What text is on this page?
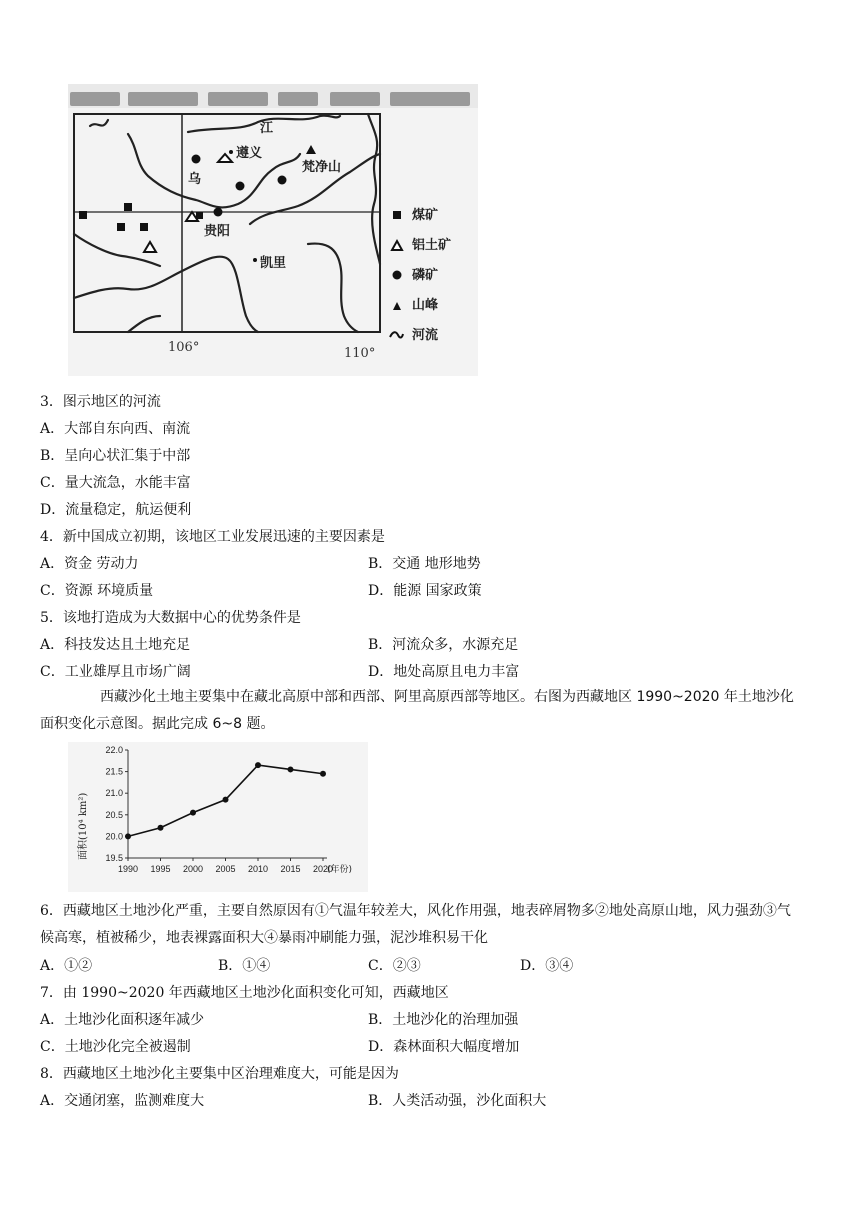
江
遵义
梵净山
乌
贵阳
凯里
煤矿
铝土矿
磷矿
山峰
河流
106°	110°
3．图示地区的河流
A．大部自东向西、南流
B．呈向心状汇集于中部
C．量大流急，水能丰富
D．流量稳定，航运便利
4．新中国成立初期，该地区工业发展迅速的主要因素是
A．资金 劳动力	B．交通 地形地势
C．资源 环境质量	D．能源 国家政策
5．该地打造成为大数据中心的优势条件是
A．科技发达且土地充足	B．河流众多，水源充足
C．工业雄厚且市场广阔	D．地处高原且电力丰富
西藏沙化土地主要集中在藏北高原中部和西部、阿里高原西部等地区。右图为西藏地区 1990~2020 年土地沙化面积变化示意图。据此完成 6~8 题。
19.5
20.0
20.5
21.0
21.5
22.0
1990 1995 2000 2005 2010 2015 2020
(年份)
面积(10⁴ km²)
6．西藏地区土地沙化严重，主要自然原因有①气温年较差大，风化作用强，地表碎屑物多②地处高原山地，风力强劲③气候高寒，植被稀少，地表裸露面积大④暴雨冲刷能力强，泥沙堆积易干化
A．①②	B．①④	C．②③	D．③④
7．由 1990~2020 年西藏地区土地沙化面积变化可知，西藏地区
A．土地沙化面积逐年减少	B．土地沙化的治理加强
C．土地沙化完全被遏制	D．森林面积大幅度增加
8．西藏地区土地沙化主要集中区治理难度大，可能是因为
A．交通闭塞，监测难度大	B．人类活动强，沙化面积大
